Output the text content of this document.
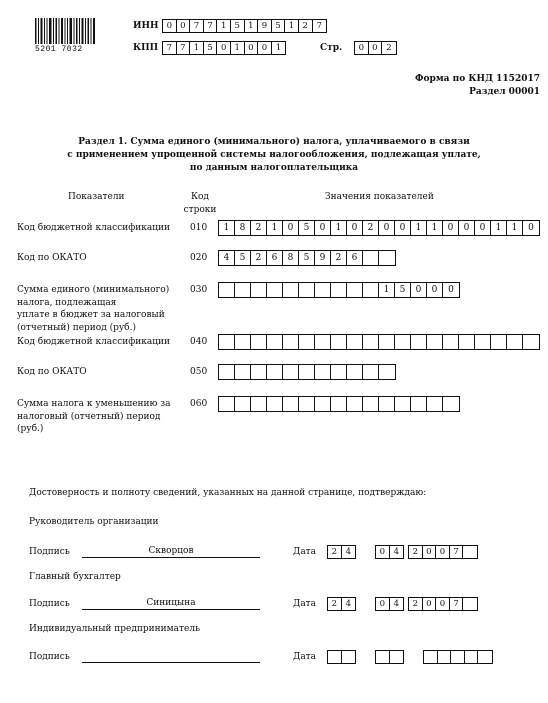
5201 7032
ИНН 0 0 7 7 1 5 1 9 5 1 2	7
КПП 7 7 1 5 0 1 0 0	1	Стр.	0 0	2
Форма по КНД 1152017
Раздел 00001
Раздел 1. Сумма единого (минимального) налога, уплачиваемого в связи
с применением упрощенной системы налогообложения, подлежащая уплате,
по данным налогоплательщика
Показатели	Код
строки
Значения показателей
Код бюджетной классификации 010	1	8	2	1	0	5	0	1	0	2	0	0	1	1	0	0	0	1	1	0
Код по ОКАТО	020	4	5	2	6	8	5	9	2	6
Сумма единого (минимального)
налога, подлежащая
уплате в бюджет за налоговый
(отчетный) период (руб.)
030	1	5	0	0	0
Код бюджетной классификации 040
Код по ОКАТО	050
Сумма налога к уменьшению за
налоговый (отчетный) период
(руб.)
060
Достоверность и полноту сведений, указанных на данной странице, подтверждаю:
Руководитель организации
Подпись	Скворцов	Дата	2	4	0	4	2 0 0 7
Главный бухгалтер
Подпись	Синицына	Дата	2	4	0	4	2 0 0 7
Индивидуальный предприниматель
Подпись	Дата
